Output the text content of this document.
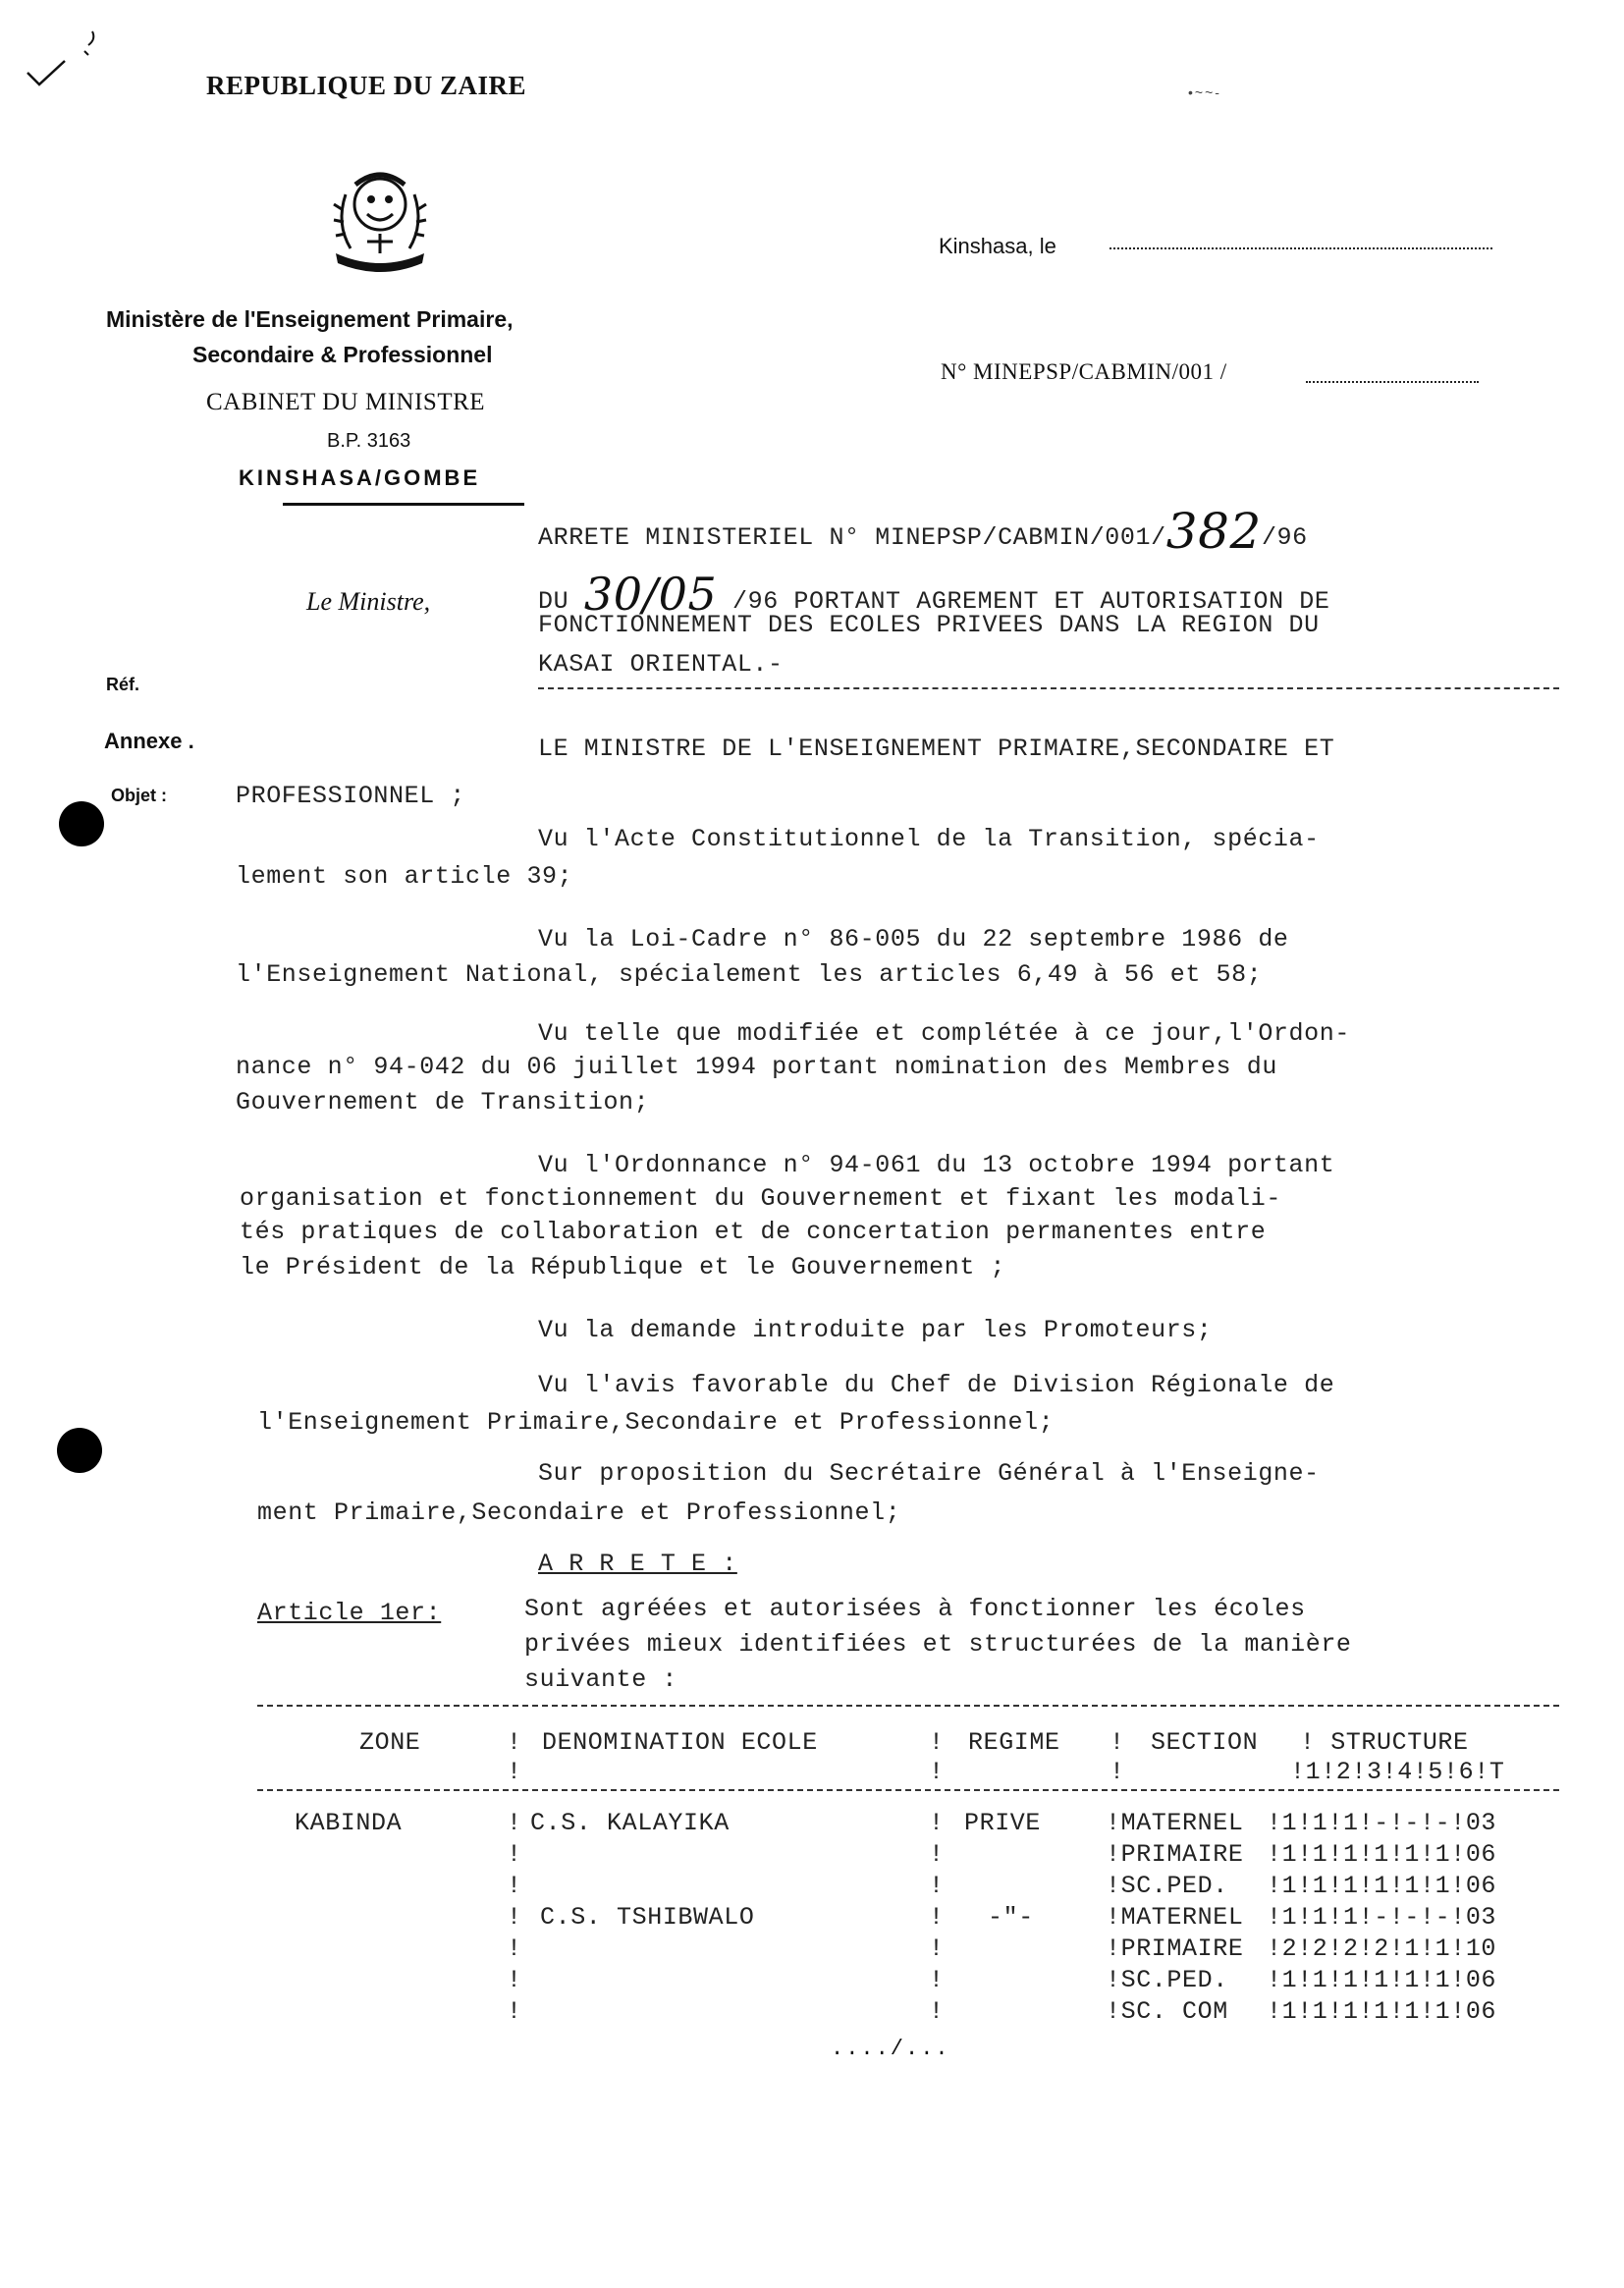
•~~-
REPUBLIQUE DU ZAIRE
Ministère de l'Enseignement Primaire,
Secondaire & Professionnel
CABINET DU MINISTRE
B.P. 3163
KINSHASA/GOMBE
Kinshasa, le
N° MINEPSP/CABMIN/001 /
Le Ministre,
Réf.
Annexe .
Objet :
ARRETE MINISTERIEL N° MINEPSP/CABMIN/001/382/96
DU 30/05 /96 PORTANT AGREMENT ET AUTORISATION DE
FONCTIONNEMENT DES ECOLES PRIVEES DANS LA REGION DU
KASAI ORIENTAL.-
LE MINISTRE DE L'ENSEIGNEMENT PRIMAIRE,SECONDAIRE ET
PROFESSIONNEL ;
Vu l'Acte Constitutionnel de la Transition, spécia-
lement son article 39;
Vu la Loi-Cadre n° 86-005 du 22 septembre 1986 de
l'Enseignement National, spécialement les articles 6,49 à 56 et 58;
Vu telle que modifiée et complétée à ce jour,l'Ordon-
nance n° 94-042 du 06 juillet 1994 portant nomination des Membres du
Gouvernement de Transition;
Vu l'Ordonnance n° 94-061 du 13 octobre 1994 portant
organisation et fonctionnement du Gouvernement et fixant les modali-
tés pratiques de collaboration et de concertation permanentes entre
le Président de la République et le Gouvernement ;
Vu la demande introduite par les Promoteurs;
Vu l'avis favorable du Chef de Division Régionale de
l'Enseignement Primaire,Secondaire et Professionnel;
Sur proposition du Secrétaire Général à l'Enseigne-
ment Primaire,Secondaire et Professionnel;
A R R E T E :
Article 1er:	Sont agréées et autorisées à fonctionner les écoles
privées mieux identifiées et structurées de la manière
suivante :
ZONE	! DENOMINATION ECOLE	! REGIME ! SECTION ! STRUCTURE
!	!	!	!1!2!3!4!5!6!T
KABINDA	! C.S. KALAYIKA	! PRIVE	!MATERNEL !1!1!1!-!-!-!03
!	!	!PRIMAIRE !1!1!1!1!1!1!06
!	!	!SC.PED. !1!1!1!1!1!1!06
! C.S. TSHIBWALO	! -"-	!MATERNEL !1!1!1!-!-!-!03
!	!	!PRIMAIRE !2!2!2!2!1!1!10
!	!	!SC.PED. !1!1!1!1!1!1!06
!	!	!SC. COM !1!1!1!1!1!1!06
..../...
